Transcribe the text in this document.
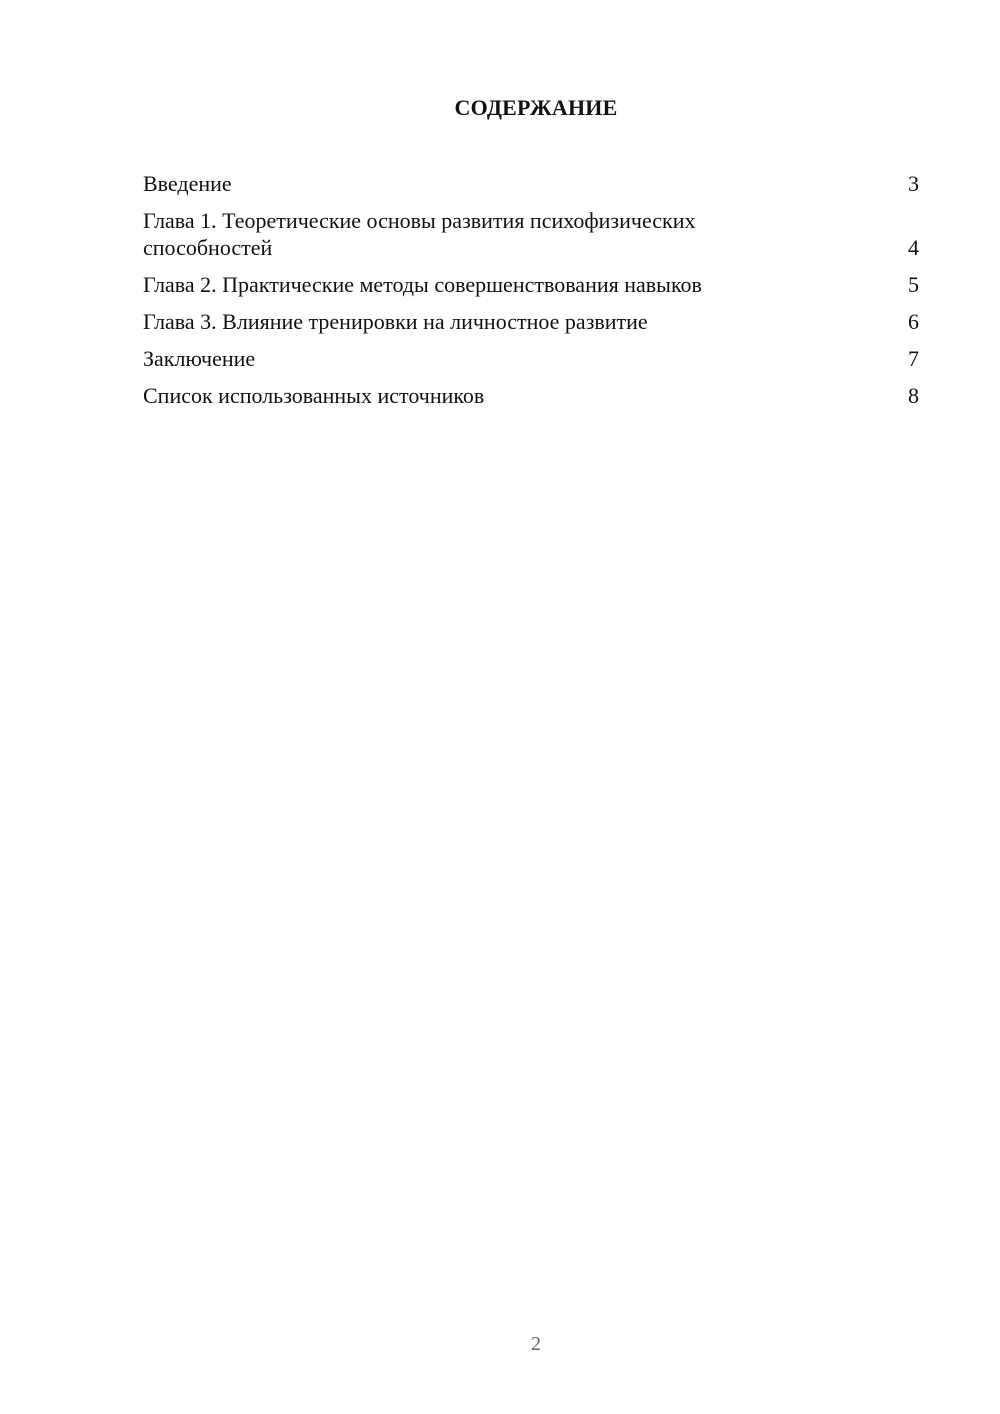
СОДЕРЖАНИЕ
Введение	3
Глава 1. Теоретические основы развития психофизических способностей	4
Глава 2. Практические методы совершенствования навыков	5
Глава 3. Влияние тренировки на личностное развитие	6
Заключение	7
Список использованных источников	8
2
